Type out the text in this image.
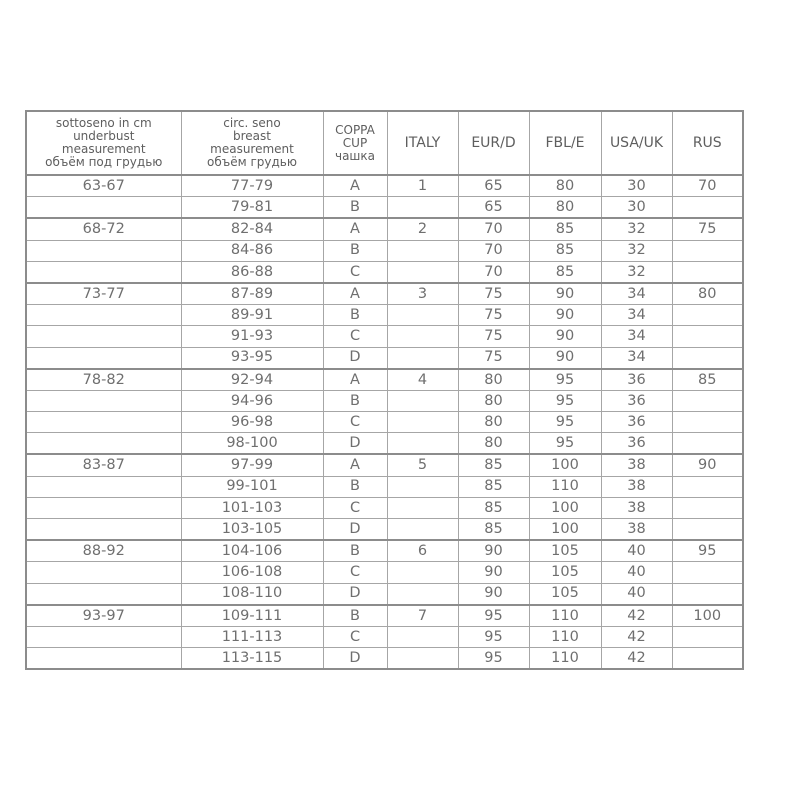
sottoseno in cm
underbust
measurement
объём под грудью	circ. seno
breast
measurement
объём грудью	COPPA
CUP
чашка	ITALY	EUR/D	FBL/E	USA/UK	RUS
63-67	77-79	A	1	65	80	30	70
	79-81	B		65	80	30	
68-72	82-84	A	2	70	85	32	75
	84-86	B		70	85	32	
	86-88	C		70	85	32	
73-77	87-89	A	3	75	90	34	80
	89-91	B		75	90	34	
	91-93	C		75	90	34	
	93-95	D		75	90	34	
78-82	92-94	A	4	80	95	36	85
	94-96	B		80	95	36	
	96-98	C		80	95	36	
	98-100	D		80	95	36	
83-87	97-99	A	5	85	100	38	90
	99-101	B		85	110	38	
	101-103	C		85	100	38	
	103-105	D		85	100	38	
88-92	104-106	B	6	90	105	40	95
	106-108	C		90	105	40	
	108-110	D		90	105	40	
93-97	109-111	B	7	95	110	42	100
	111-113	C		95	110	42	
	113-115	D		95	110	42	
